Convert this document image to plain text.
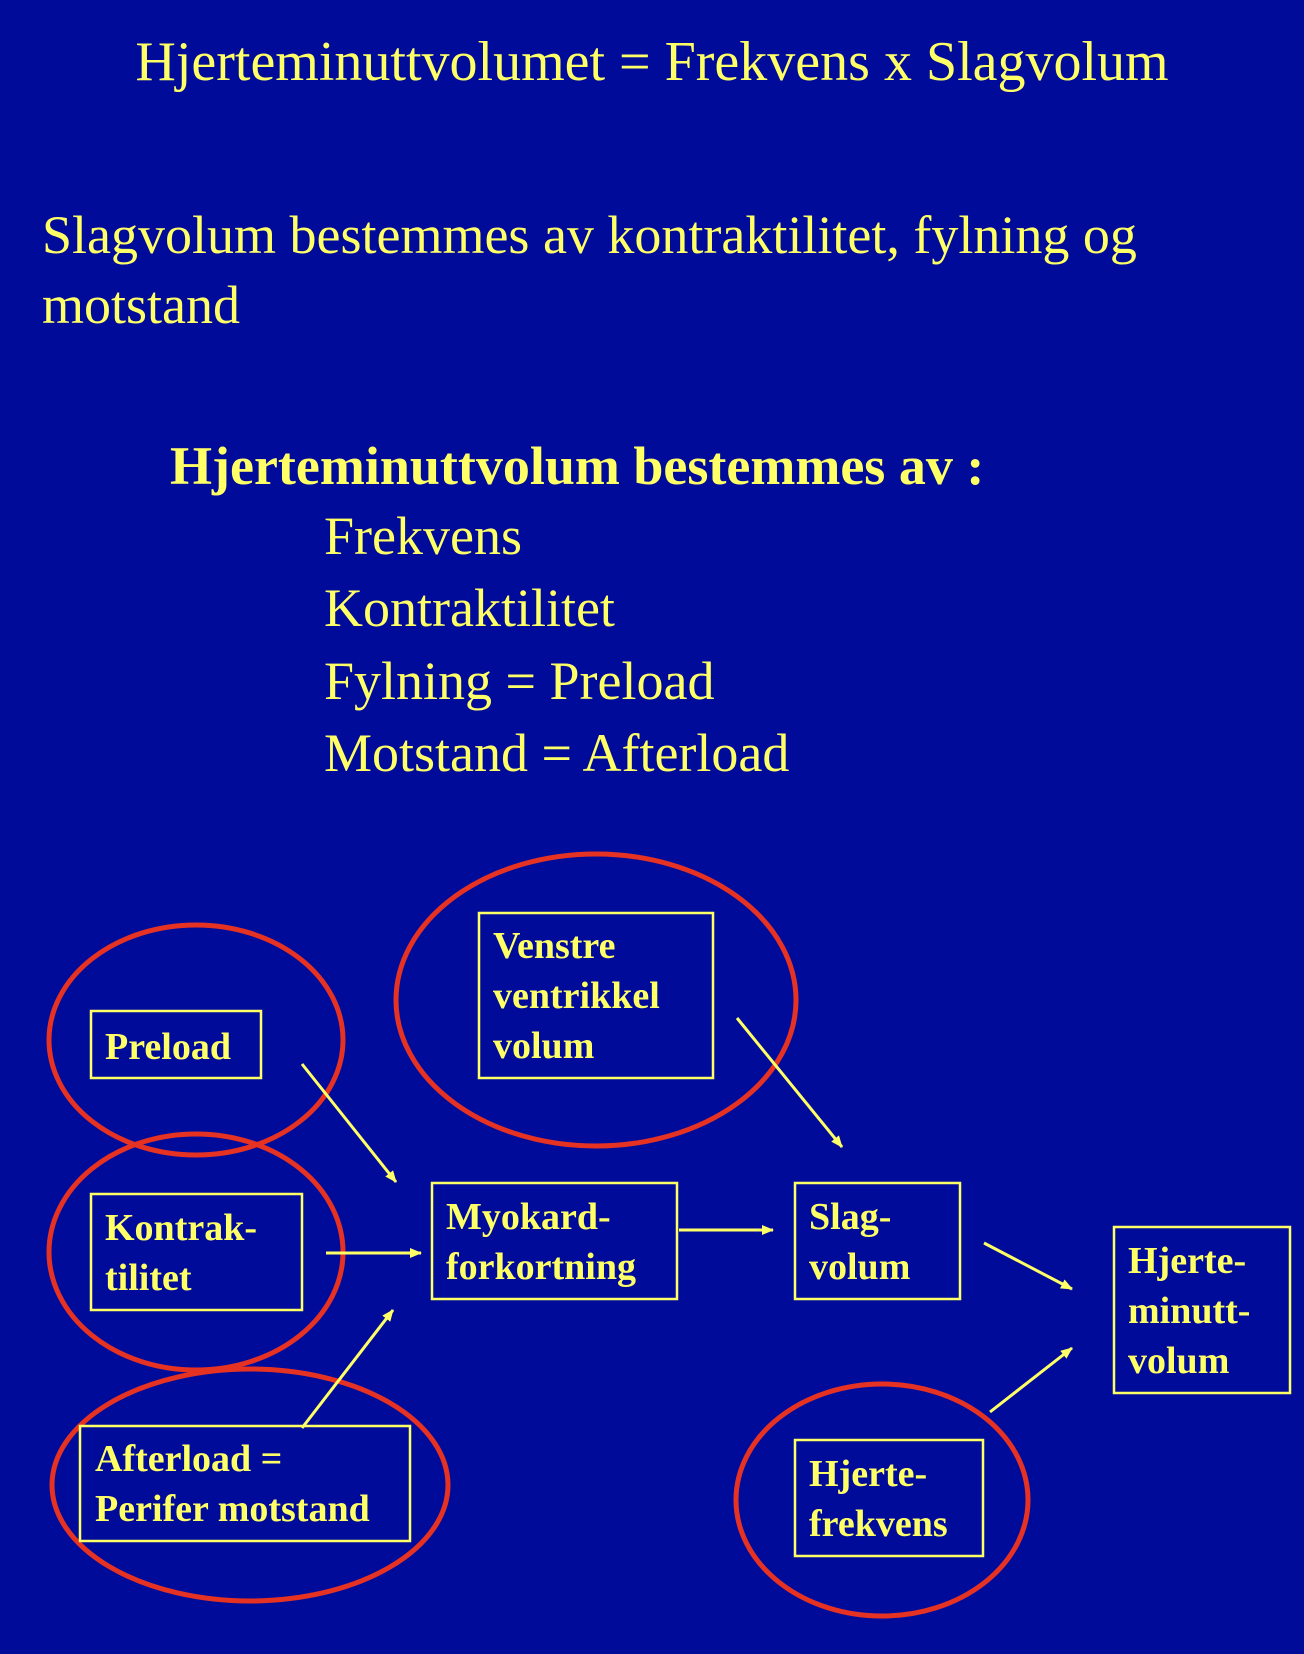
Hjerteminuttvolumet = Frekvens x Slagvolum
Slagvolum bestemmes av kontraktilitet, fylning og motstand
Hjerteminuttvolum bestemmes av :
Frekvens
Kontraktilitet
Fylning = Preload
Motstand = Afterload
Preload
Kontrak- tilitet
Afterload = Perifer motstand
Venstre ventrikkel volum
Myokard- forkortning
Slag- volum
Hjerte- frekvens
Hjerte- minutt- volum
